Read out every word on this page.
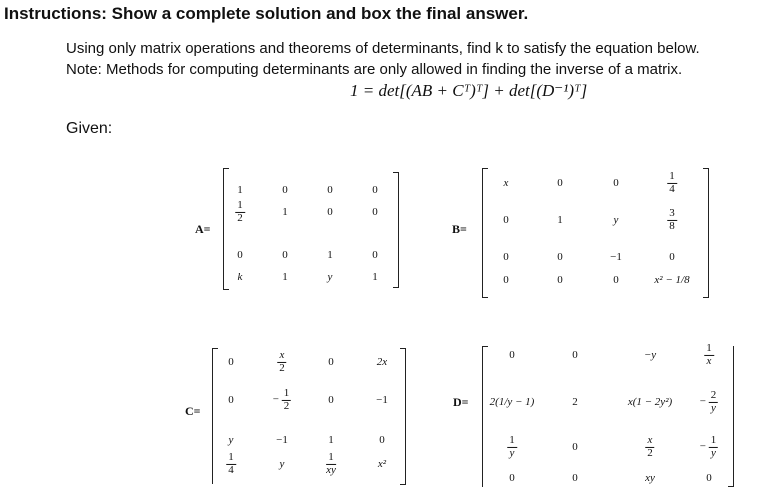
Instructions: Show a complete solution and box the final answer.
Using only matrix operations and theorems of determinants, find k to satisfy the equation below.
Note: Methods for computing determinants are only allowed in finding the inverse of a matrix.
1 = det[(AB + Cᵀ)ᵀ] + det[(D⁻¹)ᵀ]
Given:
A=
1	0	0	0
$\frac{1}{2}$	1	0	0
0	0	1	0
k	1	y	1
B=
x	0	0	$\frac{1}{4}$
0	1	y	$\frac{3}{8}$
0	0	−1	0
0	0	0	x² − 1/8
C=
0	$\frac{x}{2}$	0	2x
0	− $\frac{1}{2}$	0	−1
y	−1	1	0
$\frac{1}{4}$	y	$\frac{1}{xy}$	x²
D=
0	0	−y	$\frac{1}{x}$
2(1/y − 1)	2	x(1 − 2y²)	− $\frac{2}{y}$
$\frac{1}{y}$	0	$\frac{x}{2}$	− $\frac{1}{y}$
0	0	xy	0
